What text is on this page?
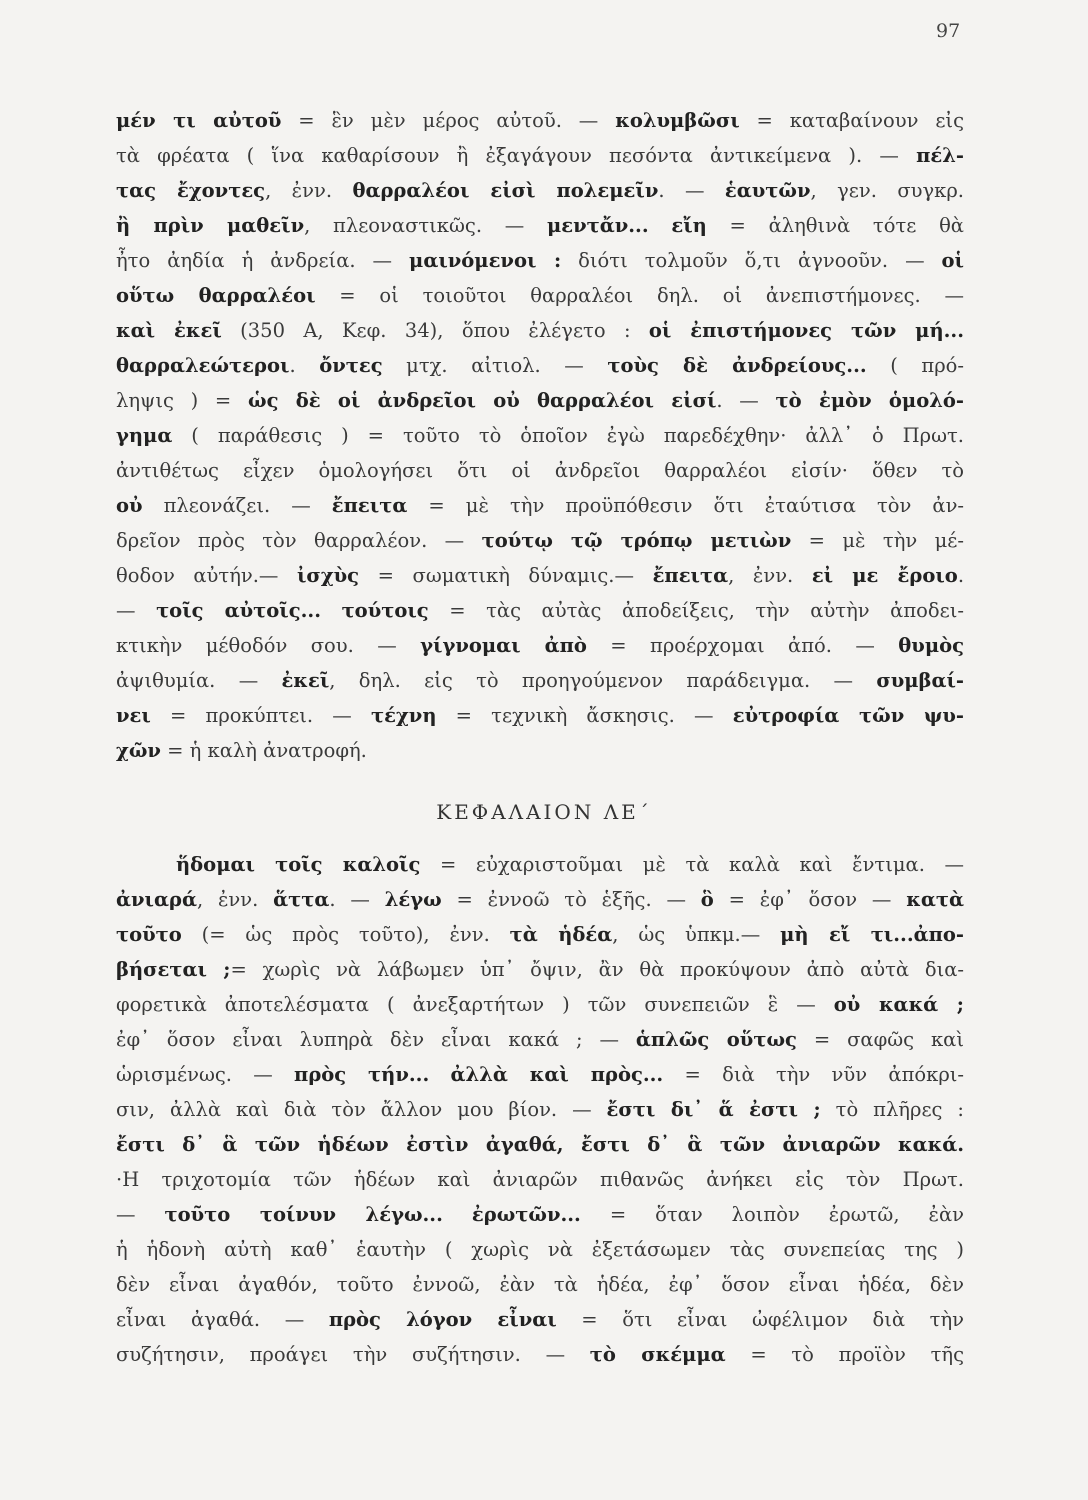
97
μέν τι αὐτοῦ = ἓν μὲν μέρος αὐτοῦ. — κολυμβῶσι = καταβαίνουν εἰς
τὰ φρέατα ( ἵνα καθαρίσουν ἢ ἐξαγάγουν πεσόντα ἀντικείμενα ). — πέλ-
τας ἔχοντες, ἐνν. θαρραλέοι εἰσὶ πολεμεῖν. — ἑαυτῶν, γεν. συγκρ.
ἢ πρὶν μαθεῖν, πλεοναστικῶς. — μεντἄν... εἴη = ἀληθινὰ τότε θὰ
ἦτο ἀηδία ἡ ἀνδρεία. — μαινόμενοι : διότι τολμοῦν ὅ,τι ἀγνοοῦν. — οἱ
οὕτω θαρραλέοι = οἱ τοιοῦτοι θαρραλέοι δηλ. οἱ ἀνεπιστήμονες. —
καὶ ἐκεῖ (350 Α, Κεφ. 34), ὅπου ἐλέγετο : οἱ ἐπιστήμονες τῶν μή...
θαρραλεώτεροι. ὄντες μτχ. αἰτιολ. — τοὺς δὲ ἀνδρείους... ( πρό-
ληψις ) = ὡς δὲ οἱ ἀνδρεῖοι οὐ θαρραλέοι εἰσί. — τὸ ἐμὸν ὁμολό-
γημα ( παράθεσις ) = τοῦτο τὸ ὁποῖον ἐγὼ παρεδέχθην· ἀλλ᾽ ὁ Πρωτ.
ἀντιθέτως εἶχεν ὁμολογήσει ὅτι οἱ ἀνδρεῖοι θαρραλέοι εἰσίν· ὅθεν τὸ
οὐ πλεονάζει. — ἔπειτα = μὲ τὴν προϋπόθεσιν ὅτι ἐταύτισα τὸν ἀν-
δρεῖον πρὸς τὸν θαρραλέον. — τούτῳ τῷ τρόπῳ μετιὼν = μὲ τὴν μέ-
θοδον αὐτήν.— ἰσχὺς = σωματικὴ δύναμις.— ἔπειτα, ἐνν. εἰ με ἔροιο.
— τοῖς αὐτοῖς... τούτοις = τὰς αὐτὰς ἀποδείξεις, τὴν αὐτὴν ἀποδει-
κτικὴν μέθοδόν σου. — γίγνομαι ἀπὸ = προέρχομαι ἀπό. — θυμὸς
ἀψιθυμία. — ἐκεῖ, δηλ. εἰς τὸ προηγούμενον παράδειγμα. — συμβαί-
νει = προκύπτει. — τέχνη = τεχνικὴ ἄσκησις. — εὐτροφία τῶν ψυ-
χῶν = ἡ καλὴ ἀνατροφή.
ΚΕΦΑΛΑΙΟΝ ΛΕ΄
ἥδομαι τοῖς καλοῖς = εὐχαριστοῦμαι μὲ τὰ καλὰ καὶ ἔντιμα. —
ἀνιαρά, ἐνν. ἅττα. — λέγω = ἐννοῶ τὸ ἑξῆς. — ὃ = ἐφ᾽ ὅσον — κατὰ
τοῦτο (= ὡς πρὸς τοῦτο), ἐνν. τὰ ἡδέα, ὡς ὑπκμ.— μὴ εἴ τι...ἀπο-
βήσεται ;= χωρὶς νὰ λάβωμεν ὑπ᾽ ὄψιν, ἂν θὰ προκύψουν ἀπὸ αὐτὰ δια-
φορετικὰ ἀποτελέσματα ( ἀνεξαρτήτων ) τῶν συνεπειῶν ἓ — οὐ κακά ;
ἐφ᾽ ὅσον εἶναι λυπηρὰ δὲν εἶναι κακά ; — ἁπλῶς οὕτως = σαφῶς καὶ
ὡρισμένως. — πρὸς τήν... ἀλλὰ καὶ πρὸς... = διὰ τὴν νῦν ἀπόκρι-
σιν, ἀλλὰ καὶ διὰ τὸν ἄλλον μου βίον. — ἔστι δι᾽ ἅ ἐστι ; τὸ πλῆρες :
ἔστι δ᾽ ἃ τῶν ἡδέων ἐστὶν ἀγαθά, ἔστι δ᾽ ἃ τῶν ἀνιαρῶν κακά.
·Η τριχοτομία τῶν ἡδέων καὶ ἀνιαρῶν πιθανῶς ἀνήκει εἰς τὸν Πρωτ.
— τοῦτο τοίνυν λέγω... ἐρωτῶν... = ὅταν λοιπὸν ἐρωτῶ, ἐὰν
ἡ ἡδονὴ αὐτὴ καθ᾽ ἑαυτὴν ( χωρὶς νὰ ἐξετάσωμεν τὰς συνεπείας της )
δὲν εἶναι ἀγαθόν, τοῦτο ἐννοῶ, ἐὰν τὰ ἡδέα, ἐφ᾽ ὅσον εἶναι ἡδέα, δὲν
εἶναι ἀγαθά. — πρὸς λόγον εἶναι = ὅτι εἶναι ὠφέλιμον διὰ τὴν
συζήτησιν, προάγει τὴν συζήτησιν. — τὸ σκέμμα = τὸ προϊὸν τῆς
